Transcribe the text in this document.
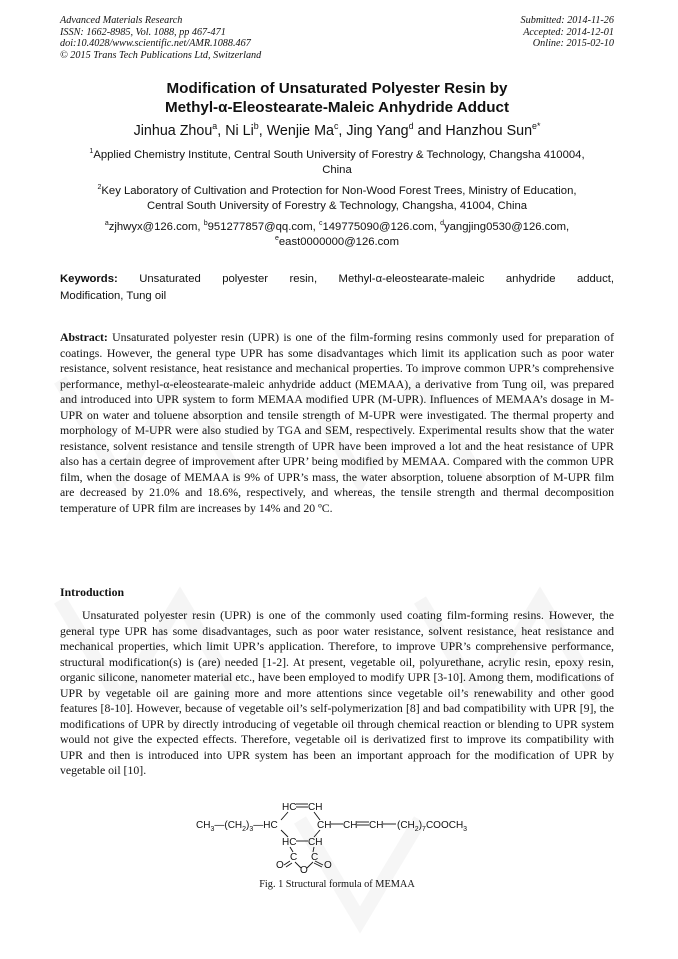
Advanced Materials Research
ISSN: 1662-8985, Vol. 1088, pp 467-471
doi:10.4028/www.scientific.net/AMR.1088.467
© 2015 Trans Tech Publications Ltd, Switzerland
Submitted: 2014-11-26
Accepted: 2014-12-01
Online: 2015-02-10
Modification of Unsaturated Polyester Resin by
Methyl-α-Eleostearate-Maleic Anhydride Adduct
Jinhua Zhou$^a$, Ni Li$^b$, Wenjie Ma$^c$, Jing Yang$^d$ and Hanzhou Sun$^{e*}$
$^1$Applied Chemistry Institute, Central South University of Forestry & Technology, Changsha 410004,
China
$^2$Key Laboratory of Cultivation and Protection for Non-Wood Forest Trees, Ministry of Education,
Central South University of Forestry & Technology, Changsha, 41004, China
$^a$zjhwyx@126.com, $^b$951277857@qq.com, $^c$149775090@126.com, $^d$yangjing0530@126.com,
$^e$east0000000@126.com
Keywords: Unsaturated polyester resin, Methyl-α-eleostearate-maleic anhydride adduct,
Modification, Tung oil
Abstract: Unsaturated polyester resin (UPR) is one of the film-forming resins commonly used for preparation of coatings. However, the general type UPR has some disadvantages which limit its application such as poor water resistance, solvent resistance, heat resistance and mechanical properties. To improve common UPR’s comprehensive performance, methyl-α-eleostearate-maleic anhydride adduct (MEMAA), a derivative from Tung oil, was prepared and introduced into UPR system to form MEMAA modified UPR (M-UPR). Influences of MEMAA’s dosage in M-UPR on water and toluene absorption and tensile strength of M-UPR were investigated. The thermal property and morphology of M-UPR were also studied by TGA and SEM, respectively. Experimental results show that the water resistance, solvent resistance and tensile strength of UPR have been improved a lot and the heat resistance of UPR also has a certain degree of improvement after UPR’ being modified by MEMAA. Compared with the common UPR film, when the dosage of MEMAA is 9% of UPR’s mass, the water absorption, toluene absorption of M-UPR film are decreased by 21.0% and 18.6%, respectively, and whereas, the tensile strength and thermal decomposition temperature of UPR film are increases by 14% and 20 ºC.
Introduction
Unsaturated polyester resin (UPR) is one of the commonly used coating film-forming resins. However, the general type UPR has some disadvantages, such as poor water resistance, solvent resistance, heat resistance and mechanical properties, which limit UPR’s application. Therefore, to improve UPR’s comprehensive performance, structural modification(s) is (are) needed [1-2]. At present, vegetable oil, polyurethane, acrylic resin, epoxy resin, organic silicone, nanometer material etc., have been employed to modify UPR [3-10]. Among them, modifications of UPR by vegetable oil are gaining more and more attentions since vegetable oil’s renewability and other good features [8-10]. However, because of vegetable oil’s self-polymerization [8] and bad compatibility with UPR [9], the modifications of UPR by directly introducing of vegetable oil through chemical reaction or blending to UPR system would not give the expected effects. Therefore, vegetable oil is derivatized first to improve its compatibility with UPR and then is introduced into UPR system has been an important approach for the modification of UPR by vegetable oil [10].
HC CH
$CH_3—(CH_2)_3—HC$	CH CH CH $(CH_2)_7COOCH_3$
HC CH
C C
O O O
Fig. 1 Structural formula of MEMAA
